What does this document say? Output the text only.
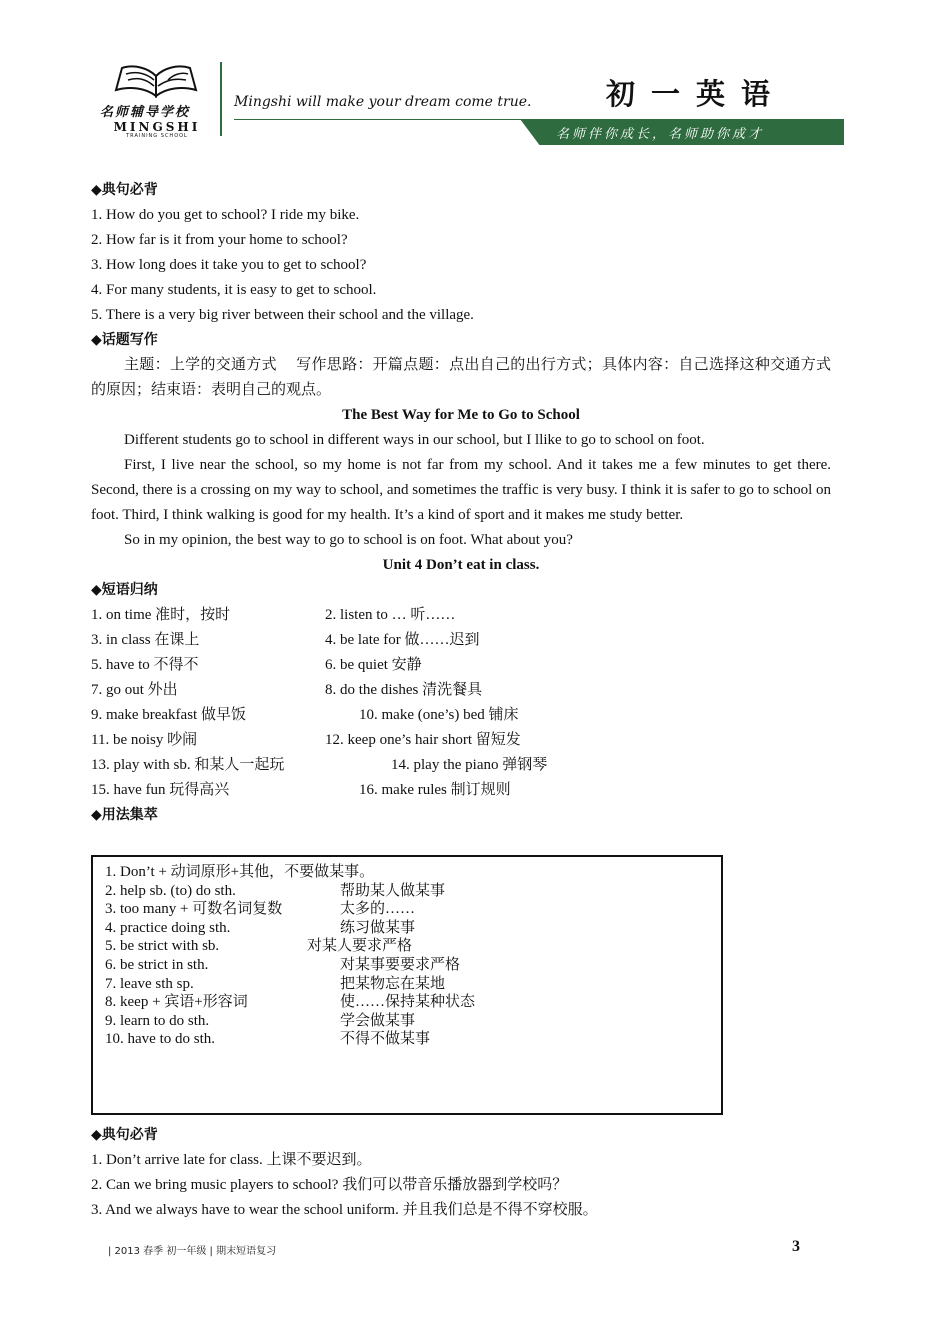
名师辅导学校
MINGSHI
TRAINING SCHOOL
Mingshi will make your dream come true.	初一英语
名师伴你成长，名师助你成才
◆典句必背
1. How do you get to school? I ride my bike.
2. How far is it from your home to school?
3. How long does it take you to get to school?
4. For many students, it is easy to get to school.
5. There is a very big river between their school and the village.
◆话题写作
主题：上学的交通方式　 写作思路：开篇点题：点出自己的出行方式；具体内容：自己选择这种交通方式的原因；结束语：表明自己的观点。
The Best Way for Me to Go to School
Different students go to school in different ways in our school, but I llike to go to school on foot.
First, I live near the school, so my home is not far from my school. And it takes me a few minutes to get there. Second, there is a crossing on my way to school, and sometimes the traffic is very busy. I think it is safer to go to school on foot. Third, I think walking is good for my health. It’s a kind of sport and it makes me study better.
So in my opinion, the best way to go to school is on foot. What about you?
Unit 4 Don’t eat in class.
◆短语归纳
1. on time 准时，按时	2. listen to … 听……
3. in class 在课上	4. be late for 做……迟到
5. have to 不得不	6. be quiet 安静
7. go out 外出	8. do the dishes 清洗餐具
9. make breakfast 做早饭	10. make (one’s) bed 铺床
11. be noisy 吵闹	12. keep one’s hair short 留短发
13. play with sb. 和某人一起玩	14. play the piano 弹钢琴
15. have fun 玩得高兴	16. make rules 制订规则
◆用法集萃
1. Don’t + 动词原形+其他，不要做某事。
2. help sb. (to) do sth.	帮助某人做某事
3. too many + 可数名词复数	太多的……
4. practice doing sth.	练习做某事
5. be strict with sb.	对某人要求严格
6. be strict in sth.	对某事要要求严格
7. leave sth sp.	把某物忘在某地
8. keep + 宾语+形容词	使……保持某种状态
9. learn to do sth.	学会做某事
10. have to do sth.	不得不做某事
◆典句必背
1. Don’t arrive late for class. 上课不要迟到。
2. Can we bring music players to school? 我们可以带音乐播放器到学校吗？
3. And we always have to wear the school uniform. 并且我们总是不得不穿校服。
| 2013 春季 初一年级 | 期末短语复习	3
